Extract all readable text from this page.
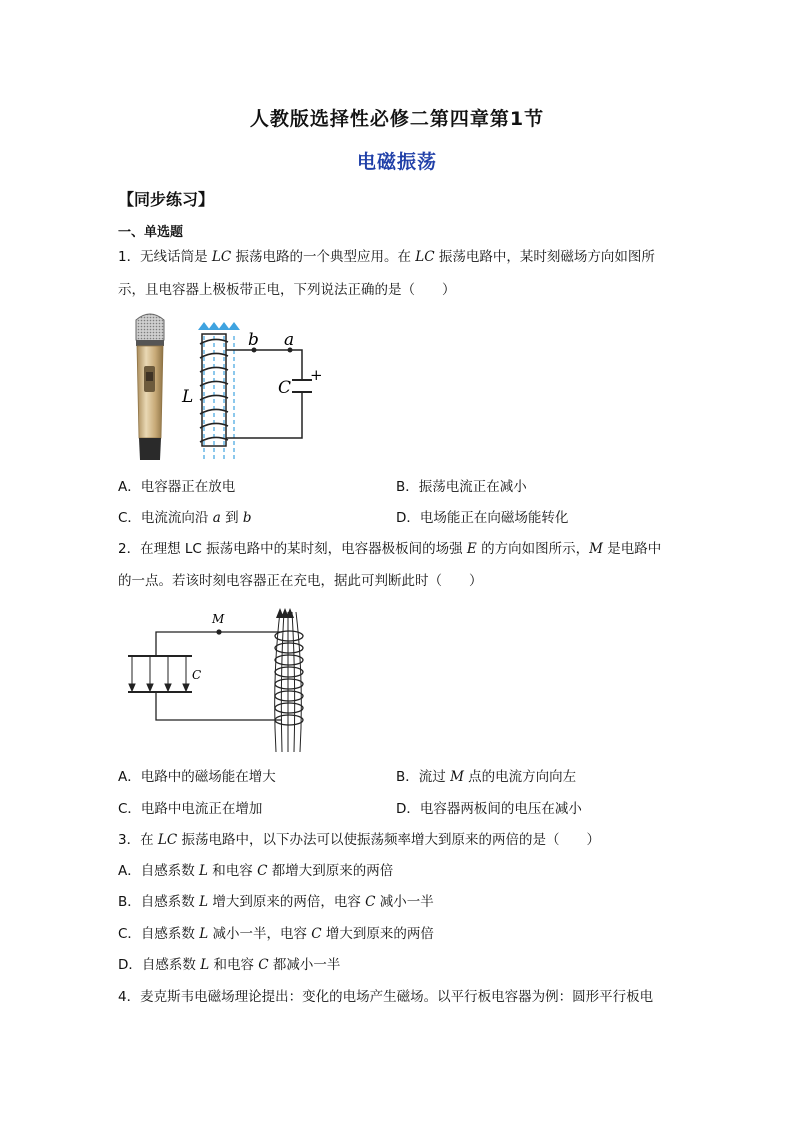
人教版选择性必修二第四章第1节
电磁振荡
【同步练习】
一、单选题
1．无线话筒是 LC 振荡电路的一个典型应用。在 LC 振荡电路中，某时刻磁场方向如图所
示，且电容器上极板带正电，下列说法正确的是（　　）
b a
L	C
+
A．电容器正在放电	B．振荡电流正在减小
C．电流流向沿 a 到 b	D．电场能正在向磁场能转化
2．在理想 LC 振荡电路中的某时刻，电容器极板间的场强 E 的方向如图所示，M 是电路中
的一点。若该时刻电容器正在充电，据此可判断此时（　　）
M
C
A．电路中的磁场能在增大	B．流过 M 点的电流方向向左
C．电路中电流正在增加	D．电容器两板间的电压在减小
3．在 LC 振荡电路中，以下办法可以使振荡频率增大到原来的两倍的是（　　）
A．自感系数 L 和电容 C 都增大到原来的两倍
B．自感系数 L 增大到原来的两倍，电容 C 减小一半
C．自感系数 L 减小一半，电容 C 增大到原来的两倍
D．自感系数 L 和电容 C 都减小一半
4．麦克斯韦电磁场理论提出：变化的电场产生磁场。以平行板电容器为例：圆形平行板电
